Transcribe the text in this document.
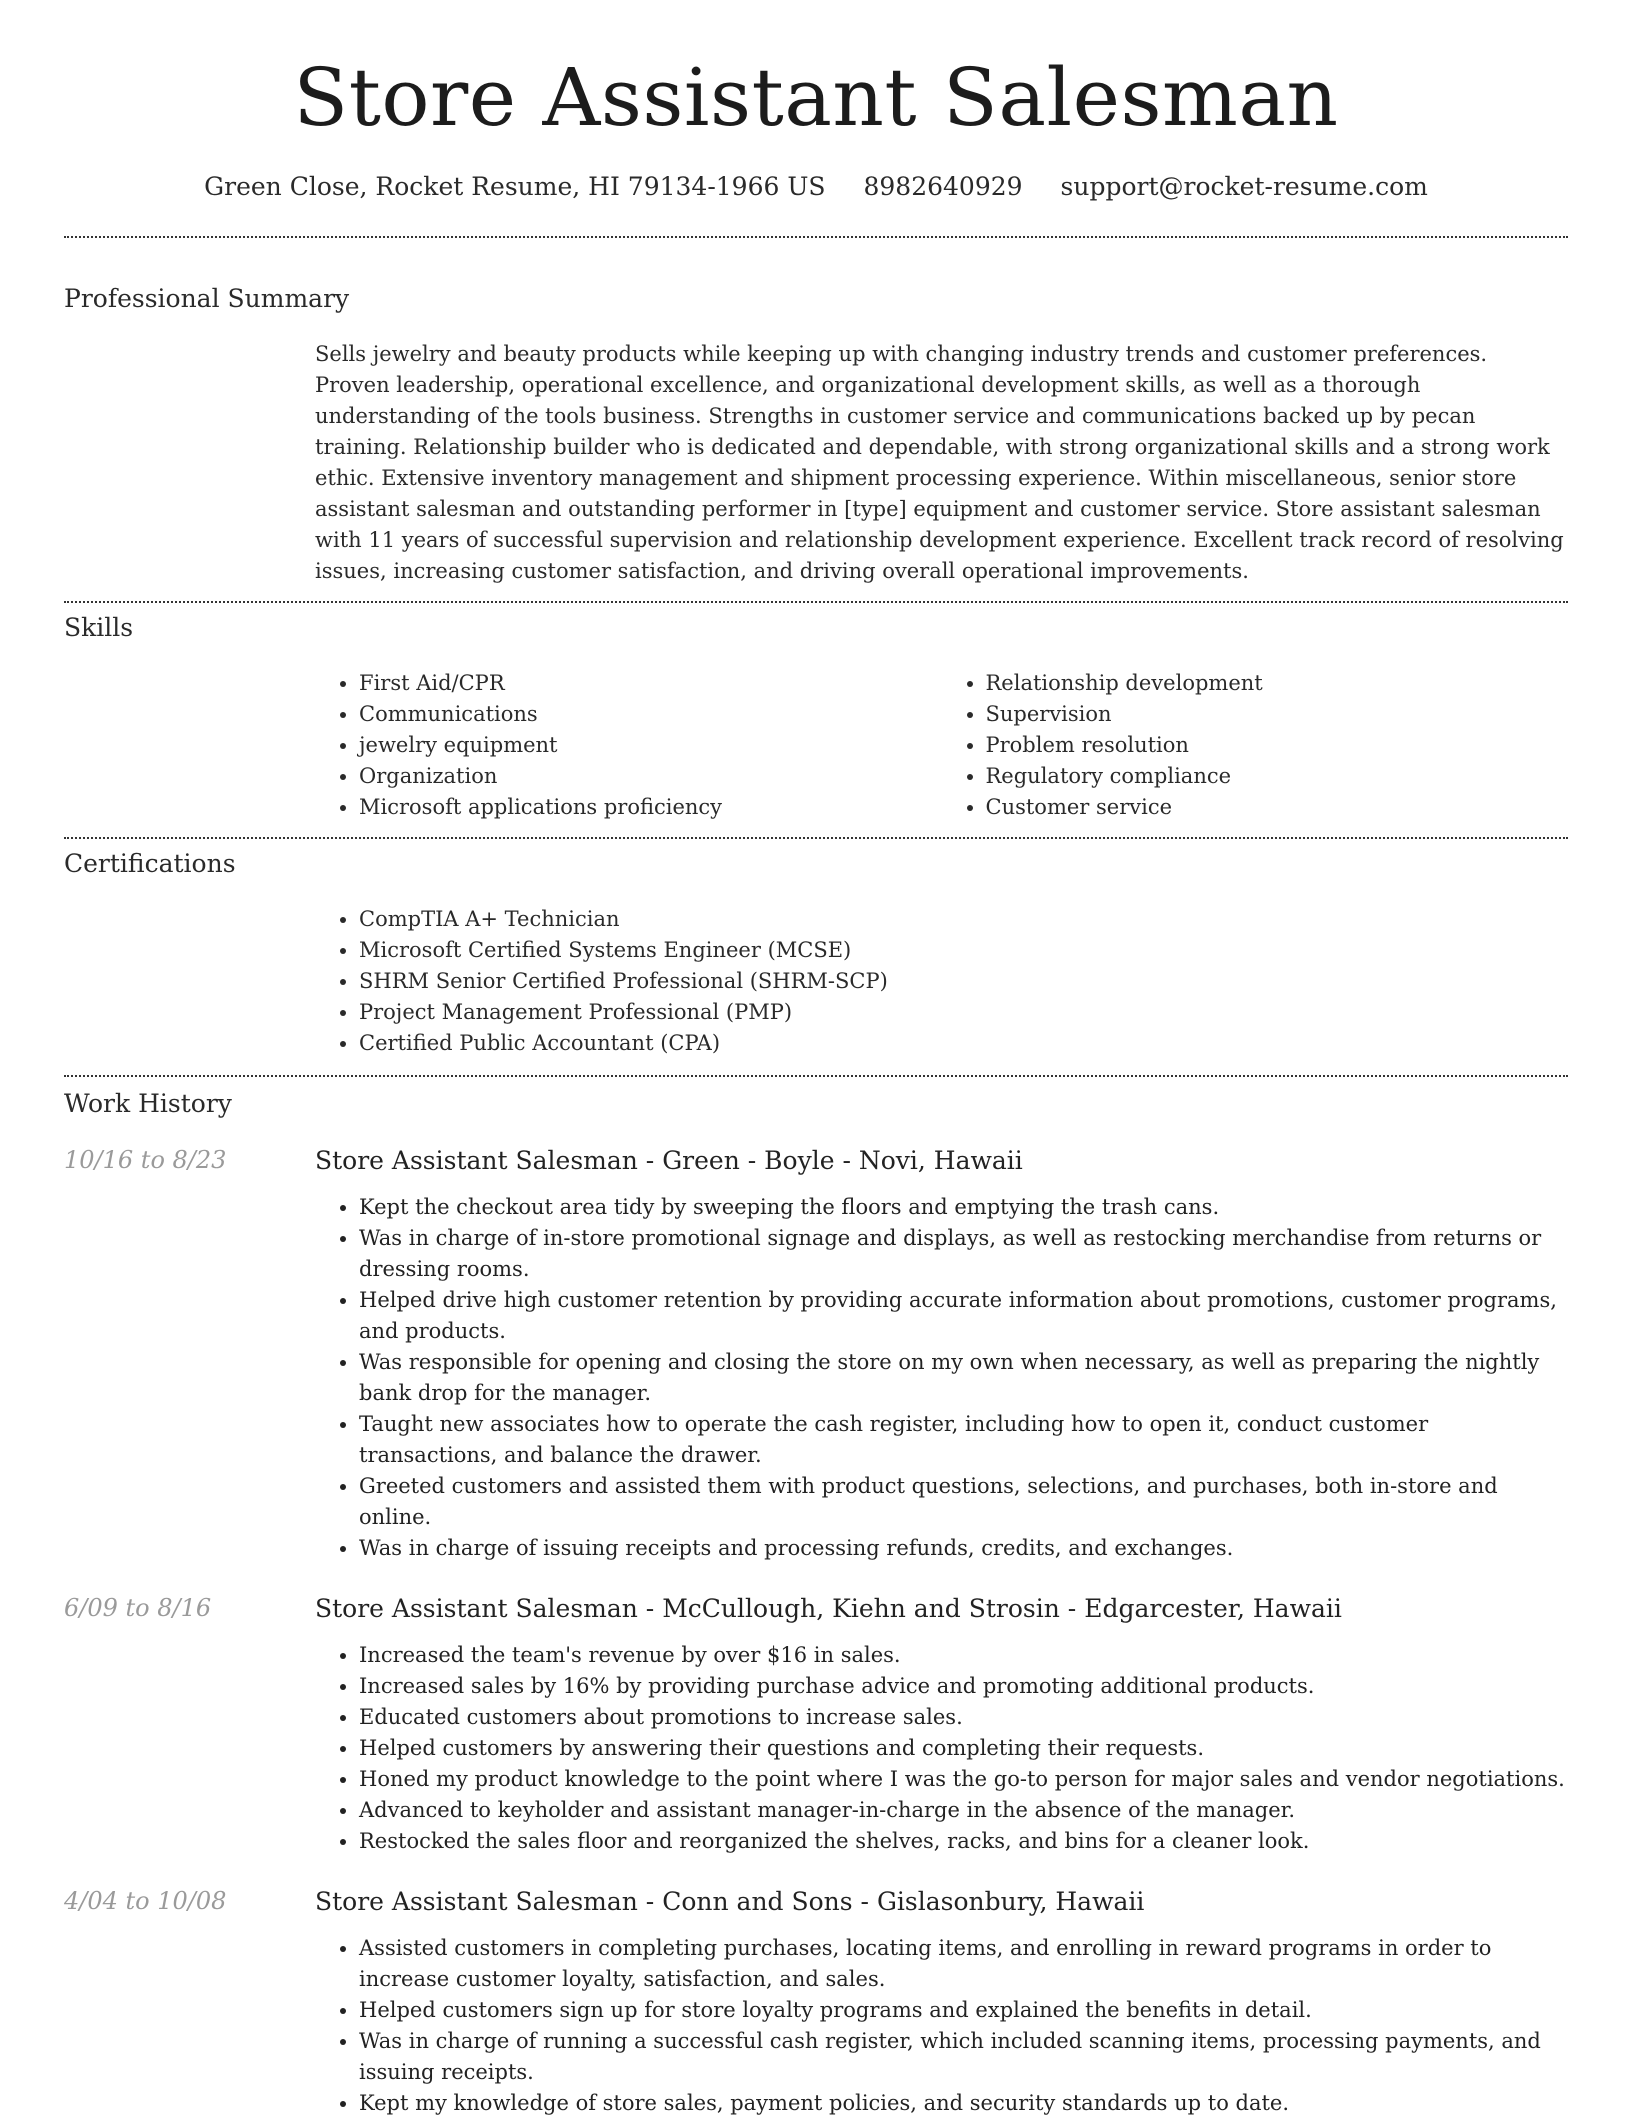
Store Assistant Salesman
Green Close, Rocket Resume, HI 79134-1966 US 8982640929 support@rocket-resume.com
Professional Summary

Sells jewelry and beauty products while keeping up with changing industry trends and customer preferences. Proven leadership, operational excellence, and organizational development skills, as well as a thorough understanding of the tools business. Strengths in customer service and communications backed up by pecan training. Relationship builder who is dedicated and dependable, with strong organizational skills and a strong work ethic. Extensive inventory management and shipment processing experience. Within miscellaneous, senior store assistant salesman and outstanding performer in [type] equipment and customer service. Store assistant salesman with 11 years of successful supervision and relationship development experience. Excellent track record of resolving issues, increasing customer satisfaction, and driving overall operational improvements.

Skills
• First Aid/CPR
• Communications
• jewelry equipment
• Organization
• Microsoft applications proficiency
• Relationship development
• Supervision
• Problem resolution
• Regulatory compliance
• Customer service
Certifications
• CompTIA A+ Technician
• Microsoft Certified Systems Engineer (MCSE)
• SHRM Senior Certified Professional (SHRM-SCP)
• Project Management Professional (PMP)
• Certified Public Accountant (CPA)
Work History
10/16 to 8/23	Store Assistant Salesman - Green - Boyle - Novi, Hawaii
• Kept the checkout area tidy by sweeping the floors and emptying the trash cans.
• Was in charge of in-store promotional signage and displays, as well as restocking merchandise from returns or dressing rooms.
• Helped drive high customer retention by providing accurate information about promotions, customer programs, and products.
• Was responsible for opening and closing the store on my own when necessary, as well as preparing the nightly bank drop for the manager.
• Taught new associates how to operate the cash register, including how to open it, conduct customer transactions, and balance the drawer.
• Greeted customers and assisted them with product questions, selections, and purchases, both in-store and online.
• Was in charge of issuing receipts and processing refunds, credits, and exchanges.
6/09 to 8/16	Store Assistant Salesman - McCullough, Kiehn and Strosin - Edgarcester, Hawaii
• Increased the team's revenue by over $16 in sales.
• Increased sales by 16% by providing purchase advice and promoting additional products.
• Educated customers about promotions to increase sales.
• Helped customers by answering their questions and completing their requests.
• Honed my product knowledge to the point where I was the go-to person for major sales and vendor negotiations.
• Advanced to keyholder and assistant manager-in-charge in the absence of the manager.
• Restocked the sales floor and reorganized the shelves, racks, and bins for a cleaner look.
4/04 to 10/08	Store Assistant Salesman - Conn and Sons - Gislasonbury, Hawaii
• Assisted customers in completing purchases, locating items, and enrolling in reward programs in order to increase customer loyalty, satisfaction, and sales.
• Helped customers sign up for store loyalty programs and explained the benefits in detail.
• Was in charge of running a successful cash register, which included scanning items, processing payments, and issuing receipts.
• Kept my knowledge of store sales, payment policies, and security standards up to date.
